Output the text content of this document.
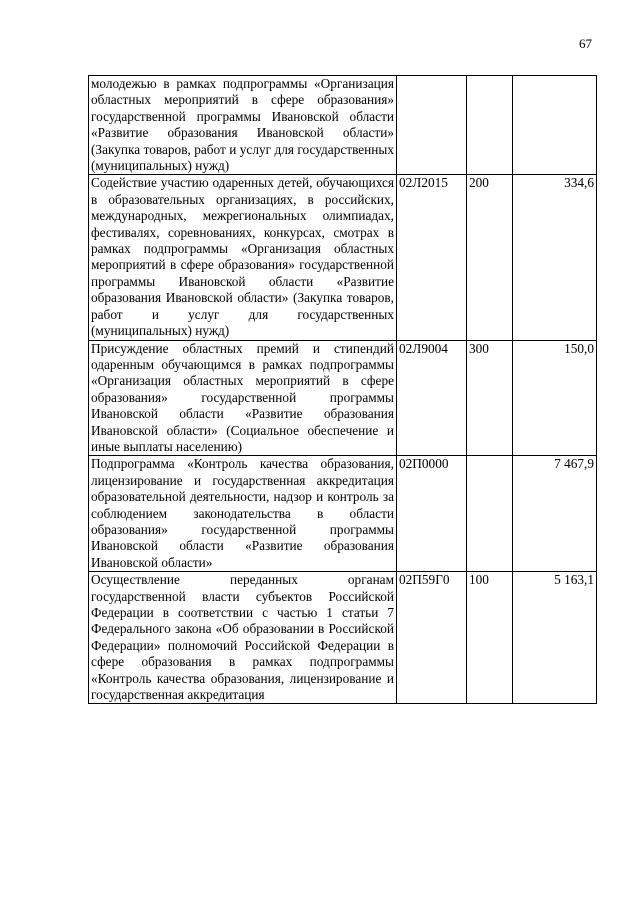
67
молодежью в рамках подпрограммы «Организация областных мероприятий в сфере образования» государственной программы Ивановской области «Развитие образования Ивановской области» (Закупка товаров, работ и услуг для государственных (муниципальных) нужд)			
Содействие участию одаренных детей, обучающихся в образовательных организациях, в российских, международных, межрегиональных олимпиадах, фестивалях, соревнованиях, конкурсах, смотрах в рамках подпрограммы «Организация областных мероприятий в сфере образования» государственной программы Ивановской области «Развитие образования Ивановской области» (Закупка товаров, работ и услуг для государственных (муниципальных) нужд)	02Л2015	200	334,6
Присуждение областных премий и стипендий одаренным обучающимся в рамках подпрограммы «Организация областных мероприятий в сфере образования» государственной программы Ивановской области «Развитие образования Ивановской области» (Социальное обеспечение и иные выплаты населению)	02Л9004	300	150,0
Подпрограмма «Контроль качества образования, лицензирование и государственная аккредитация образовательной деятельности, надзор и контроль за соблюдением законодательства в области образования» государственной программы Ивановской области «Развитие образования Ивановской области»	02П0000		7 467,9
Осуществление переданных органам государственной власти субъектов Российской Федерации в соответствии с частью 1 статьи 7 Федерального закона «Об образовании в Российской Федерации» полномочий Российской Федерации в сфере образования в рамках подпрограммы «Контроль качества образования, лицензирование и государственная аккредитация	02П59Г0	100	5 163,1
